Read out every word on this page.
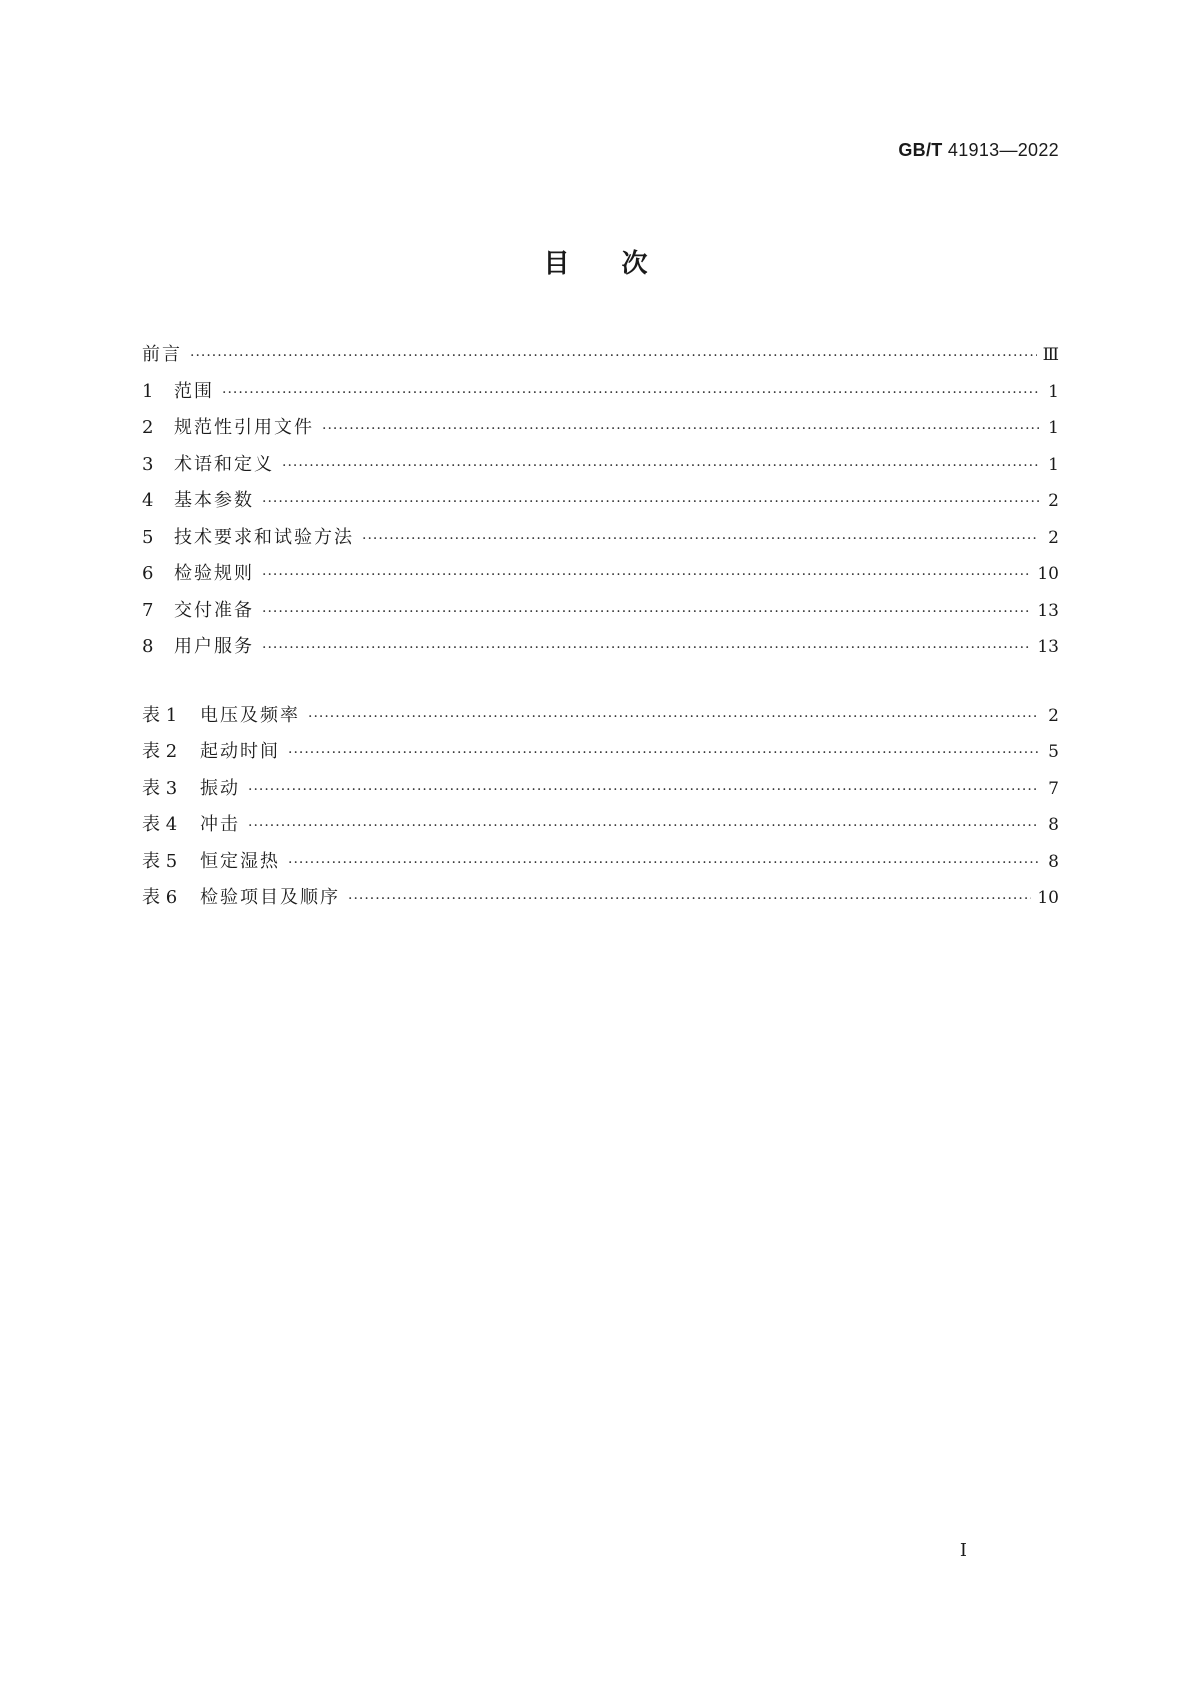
GB/T 41913—2022
目次
前言 ·····	Ⅲ
1	范围 ·····	1
2	规范性引用文件 ·····	1
3	术语和定义 ·····	1
4	基本参数 ·····	2
5	技术要求和试验方法 ·····	2
6	检验规则 ·····	10
7	交付准备 ·····	13
8	用户服务 ·····	13
表 1	电压及频率 ·····	2
表 2	起动时间 ·····	5
表 3	振动 ·····	7
表 4	冲击 ·····	8
表 5	恒定湿热 ·····	8
表 6	检验项目及顺序 ·····	10
I
